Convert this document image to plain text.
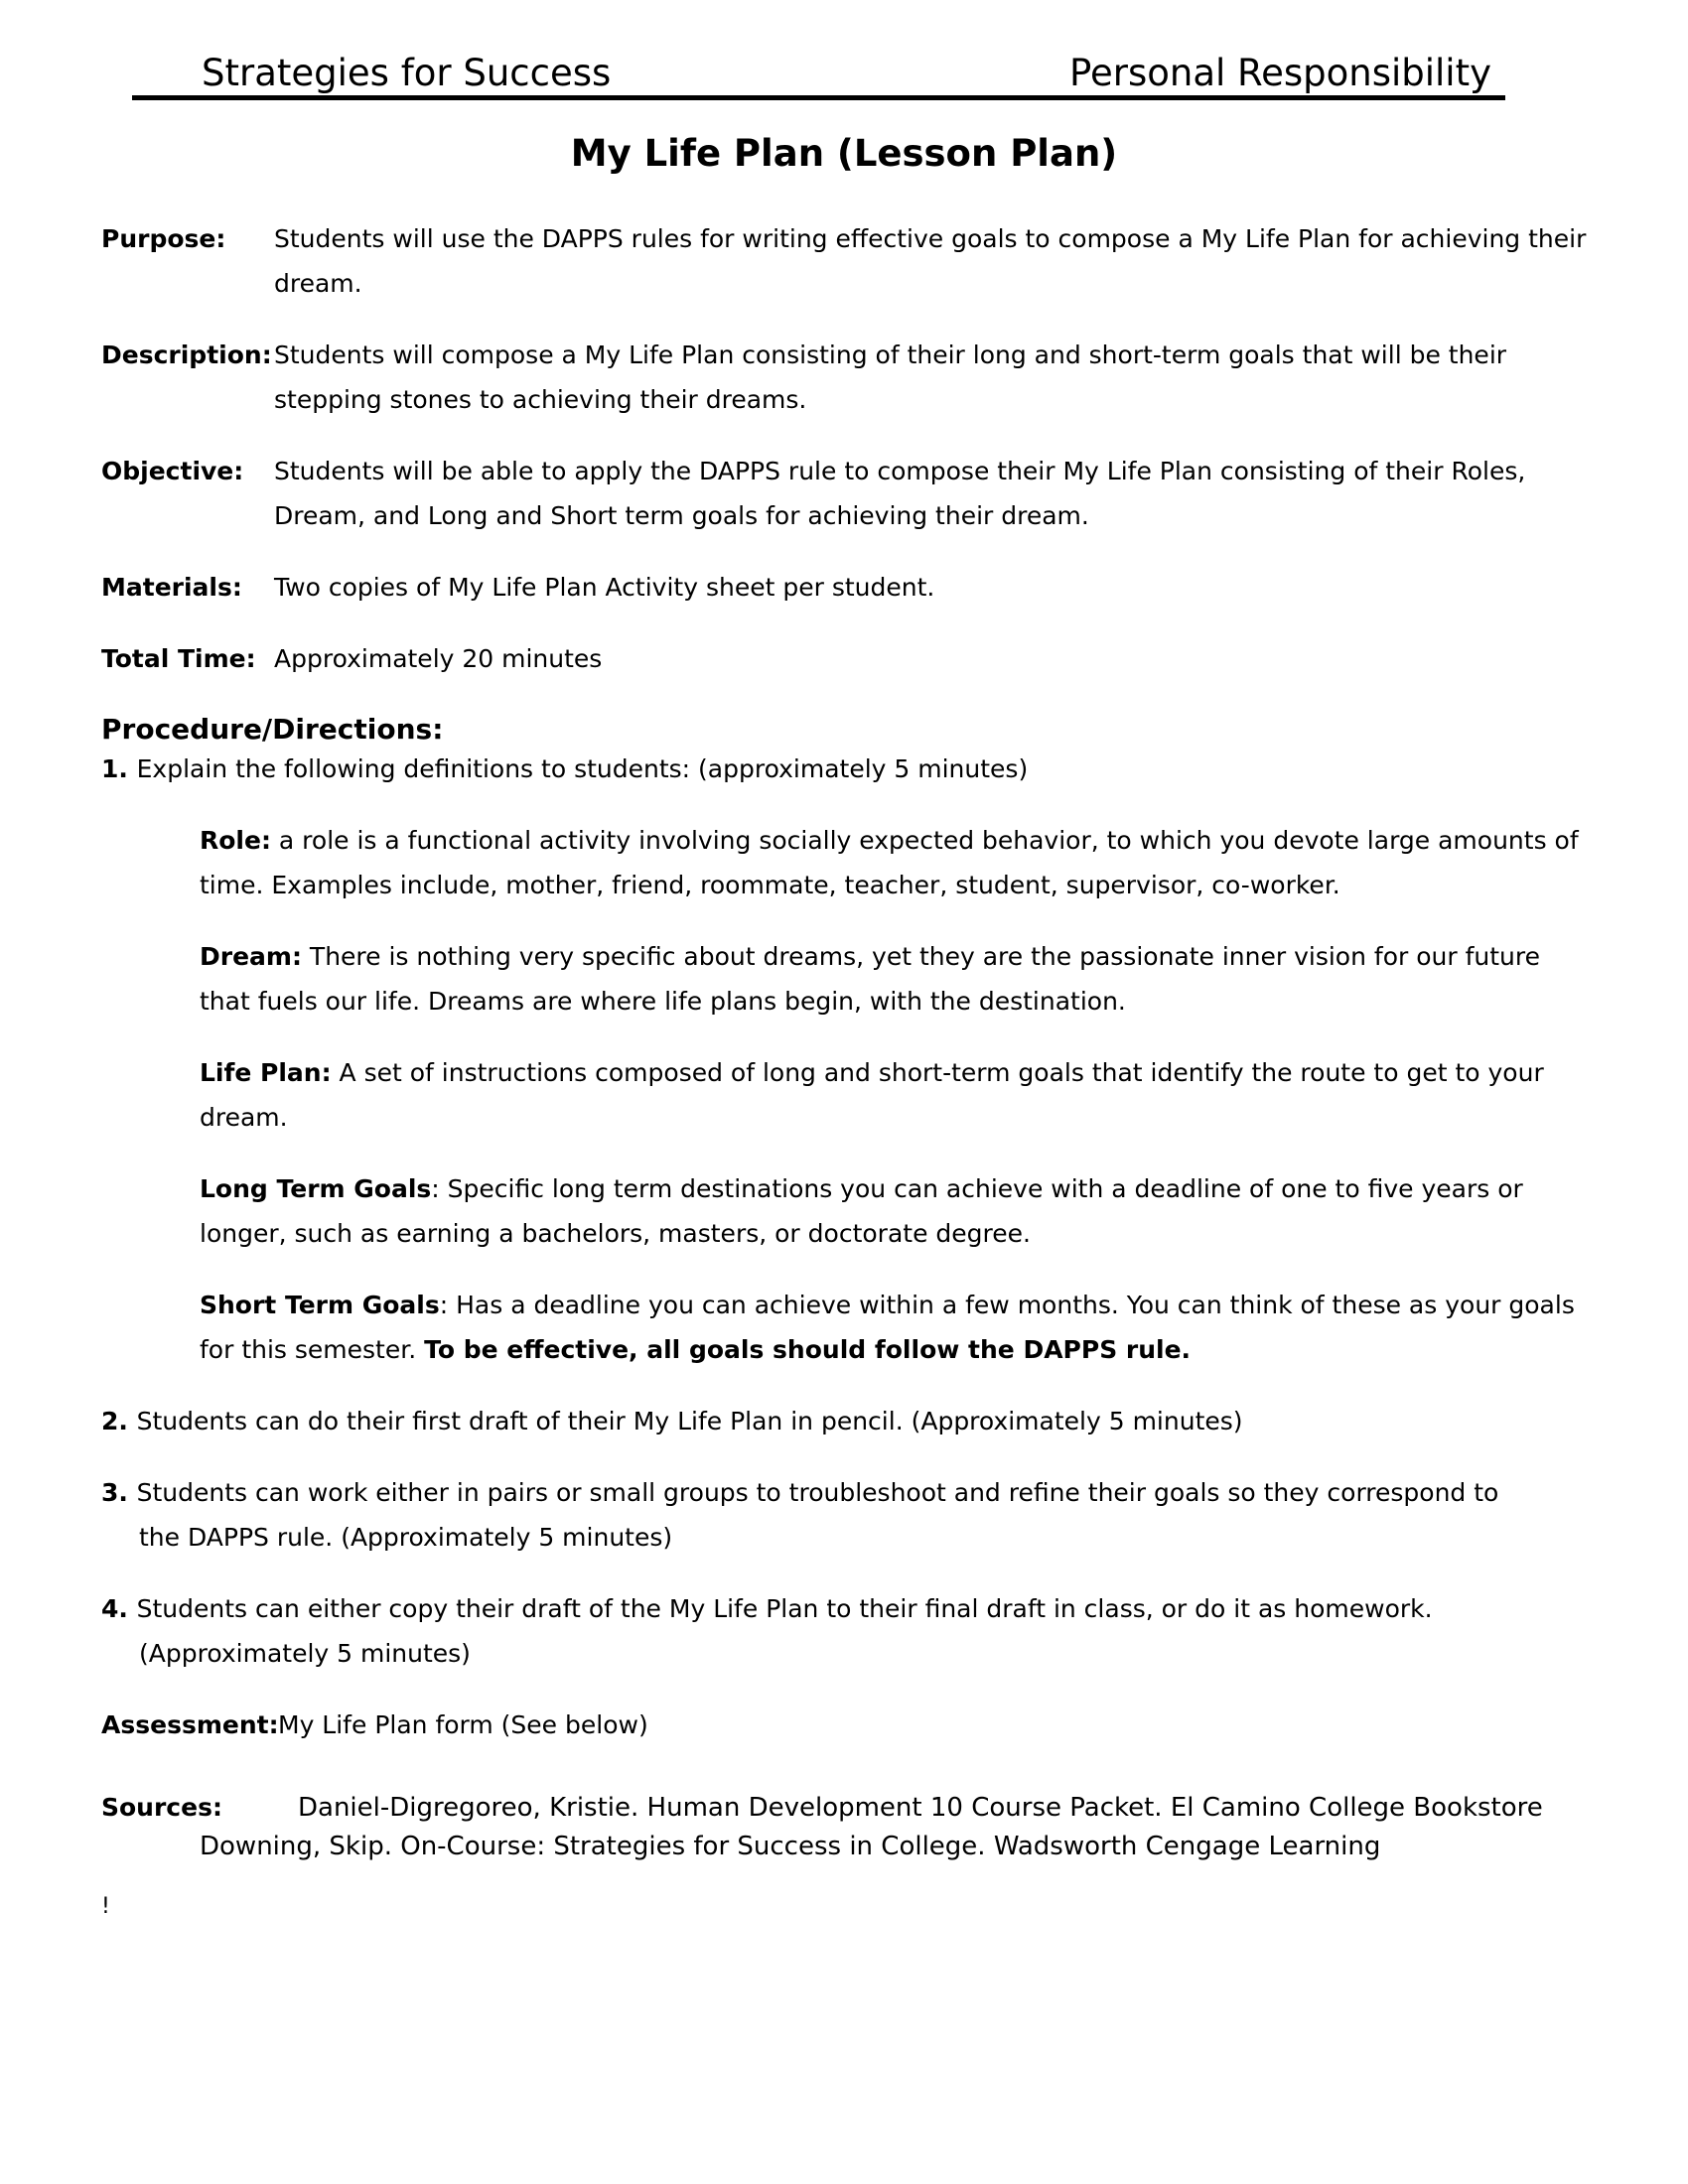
Strategies for Success	Personal Responsibility
My Life Plan (Lesson Plan)
Purpose: Students will use the DAPPS rules for writing effective goals to compose a My Life Plan for achieving their dream.
Description: Students will compose a My Life Plan consisting of their long and short-term goals that will be their stepping stones to achieving their dreams.
Objective: Students will be able to apply the DAPPS rule to compose their My Life Plan consisting of their Roles, Dream, and Long and Short term goals for achieving their dream.
Materials: Two copies of My Life Plan Activity sheet per student.
Total Time: Approximately 20 minutes
Procedure/Directions:
1. Explain the following definitions to students: (approximately 5 minutes)
Role: a role is a functional activity involving socially expected behavior, to which you devote large amounts of time. Examples include, mother, friend, roommate, teacher, student, supervisor, co-worker.
Dream: There is nothing very specific about dreams, yet they are the passionate inner vision for our future that fuels our life. Dreams are where life plans begin, with the destination.
Life Plan: A set of instructions composed of long and short-term goals that identify the route to get to your dream.
Long Term Goals: Specific long term destinations you can achieve with a deadline of one to five years or longer, such as earning a bachelors, masters, or doctorate degree.
Short Term Goals: Has a deadline you can achieve within a few months. You can think of these as your goals for this semester. To be effective, all goals should follow the DAPPS rule.
2. Students can do their first draft of their My Life Plan in pencil. (Approximately 5 minutes)
3. Students can work either in pairs or small groups to troubleshoot and refine their goals so they correspond to
the DAPPS rule. (Approximately 5 minutes)
4. Students can either copy their draft of the My Life Plan to their final draft in class, or do it as homework.
(Approximately 5 minutes)
Assessment: My Life Plan form (See below)
Sources:	Daniel-Digregoreo, Kristie. Human Development 10 Course Packet. El Camino College Bookstore
Downing, Skip. On-Course: Strategies for Success in College. Wadsworth Cengage Learning
!
